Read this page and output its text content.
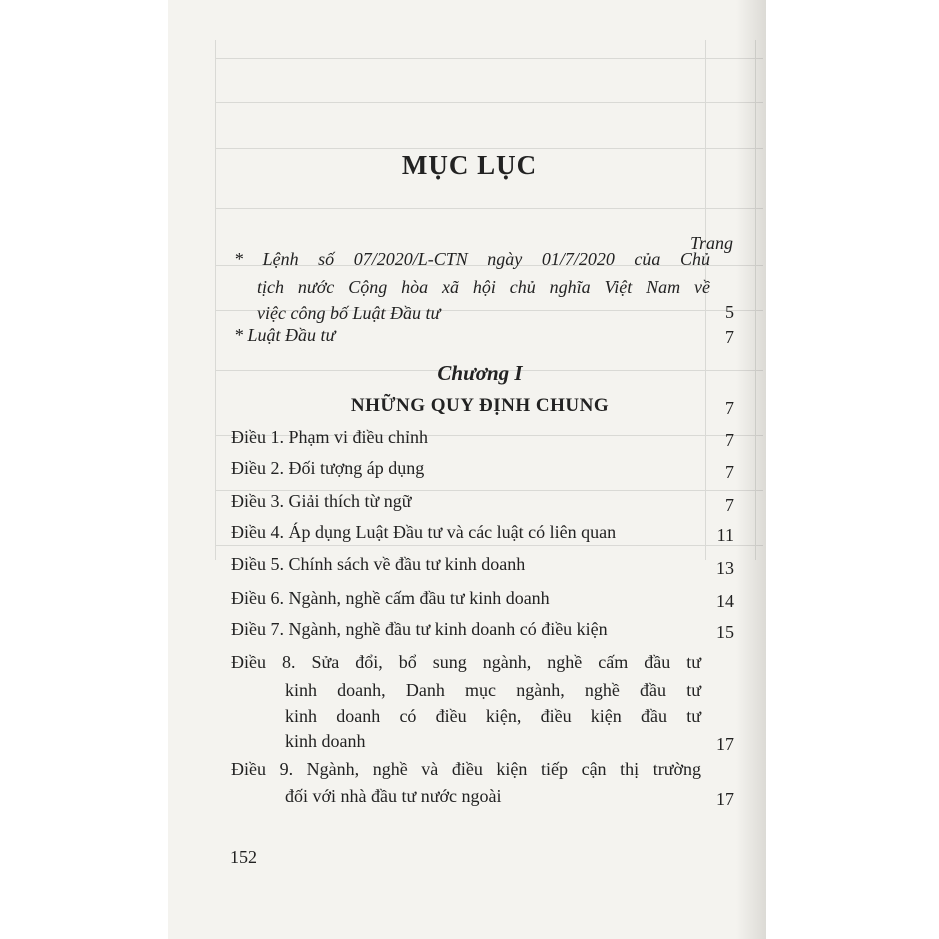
MỤC LỤC
Trang
* Lệnh số 07/2020/L-CTN ngày 01/7/2020 của Chủ
tịch nước Cộng hòa xã hội chủ nghĩa Việt Nam về
việc công bố Luật Đầu tư	5
* Luật Đầu tư	7
Chương I
NHỮNG QUY ĐỊNH CHUNG	7
Điều 1. Phạm vi điều chỉnh	7
Điều 2. Đối tượng áp dụng	7
Điều 3. Giải thích từ ngữ	7
Điều 4. Áp dụng Luật Đầu tư và các luật có liên quan	11
Điều 5. Chính sách về đầu tư kinh doanh	13
Điều 6. Ngành, nghề cấm đầu tư kinh doanh	14
Điều 7. Ngành, nghề đầu tư kinh doanh có điều kiện	15
Điều 8. Sửa đổi, bổ sung ngành, nghề cấm đầu tư
kinh doanh, Danh mục ngành, nghề đầu tư
kinh doanh có điều kiện, điều kiện đầu tư
kinh doanh	17
Điều 9. Ngành, nghề và điều kiện tiếp cận thị trường
đối với nhà đầu tư nước ngoài	17
152
